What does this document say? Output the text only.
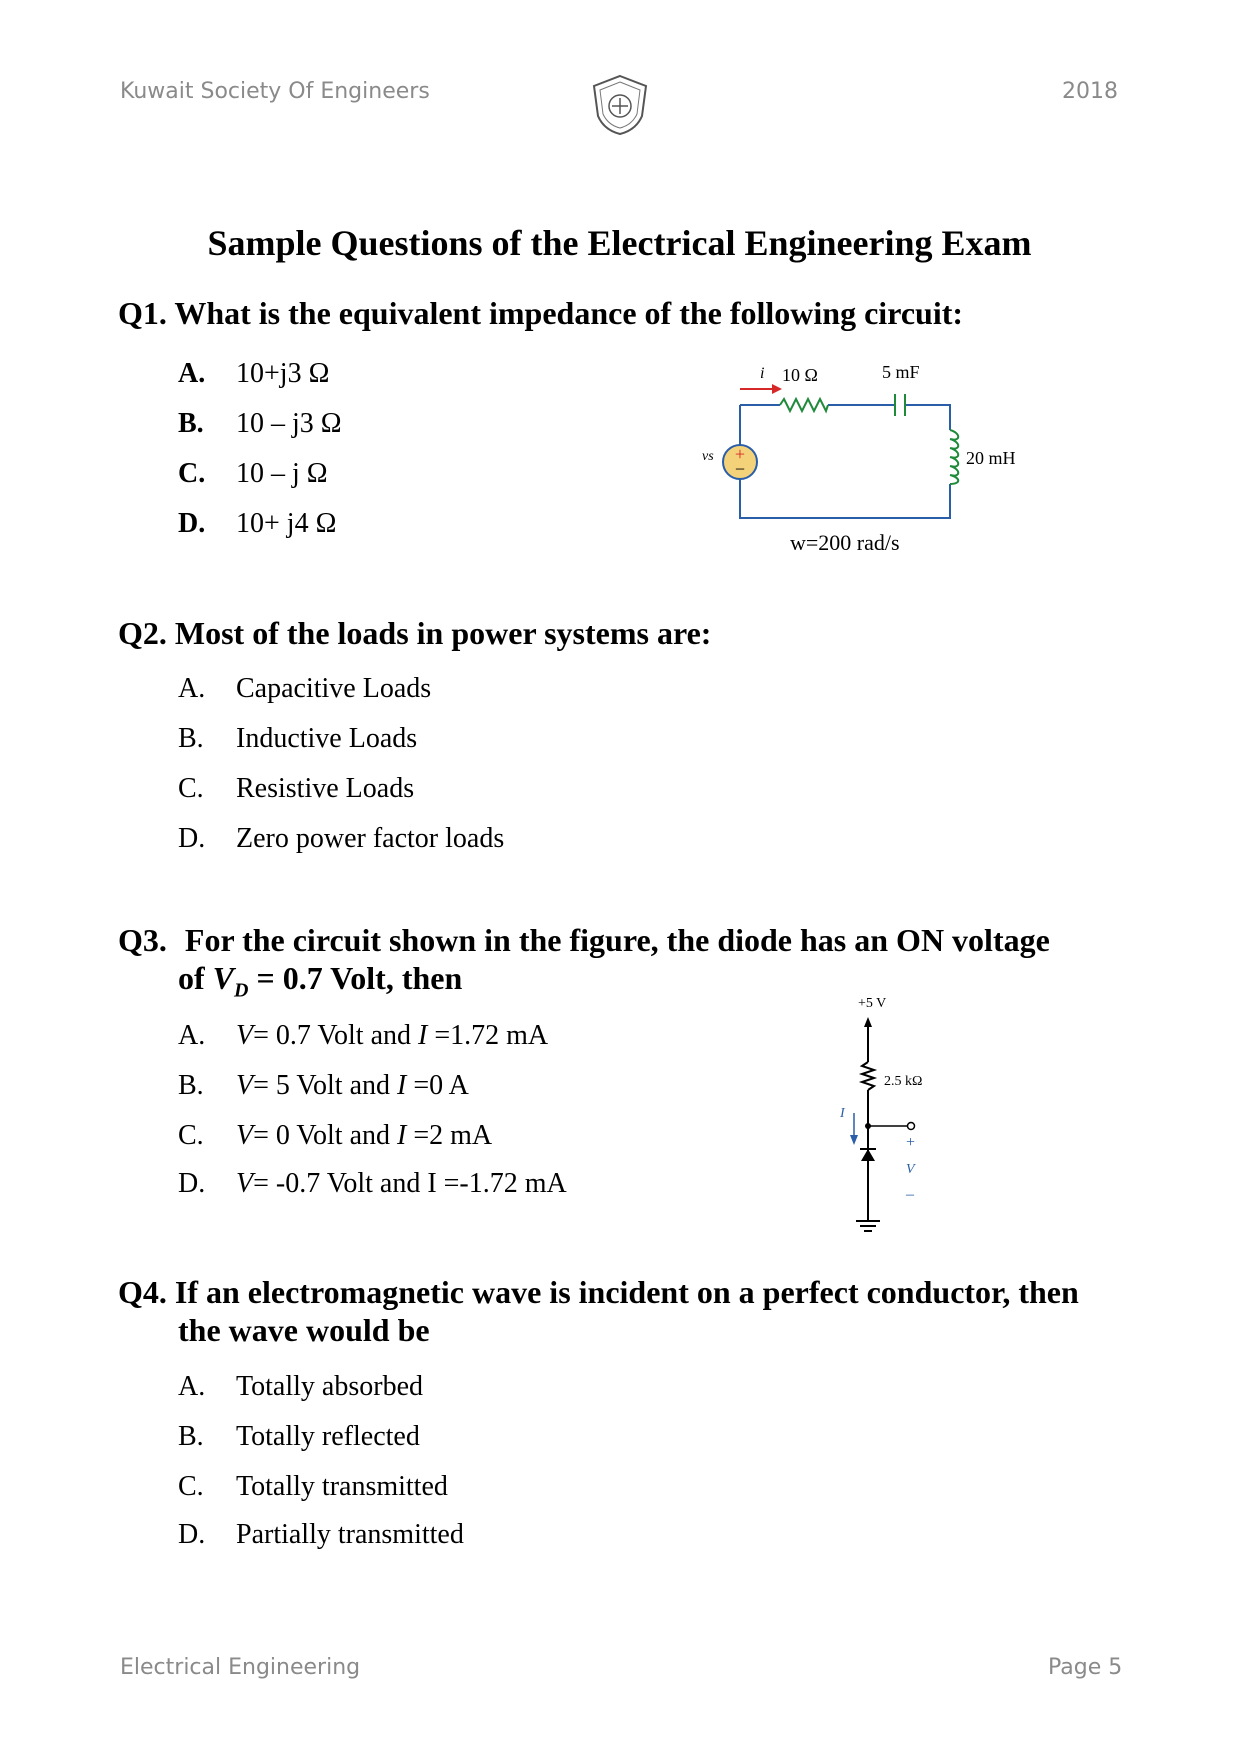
Kuwait Society Of Engineers	2018
Sample Questions of the Electrical Engineering Exam
Q1. What is the equivalent impedance of the following circuit:
A. 10+j3 Ω
B. 10 – j3 Ω
C. 10 – j Ω
D. 10+ j4 Ω
+
−
i 10 Ω	5 mF
20 mH
vs
w=200 rad/s
Q2. Most of the loads in power systems are:
A. Capacitive Loads
B. Inductive Loads
C. Resistive Loads
D. Zero power factor loads
Q3. For the circuit shown in the figure, the diode has an ON voltage
of $V_D = 0.7$ Volt, then
A. V= 0.7 Volt and I =1.72 mA
B. V= 5 Volt and I =0 A
C. V= 0 Volt and I =2 mA
D. V= -0.7 Volt and I =-1.72 mA
+5 V
2.5 kΩ
I
+
V
–
Q4. If an electromagnetic wave is incident on a perfect conductor, then
the wave would be
A. Totally absorbed
B. Totally reflected
C. Totally transmitted
D. Partially transmitted
Electrical Engineering	Page 5
